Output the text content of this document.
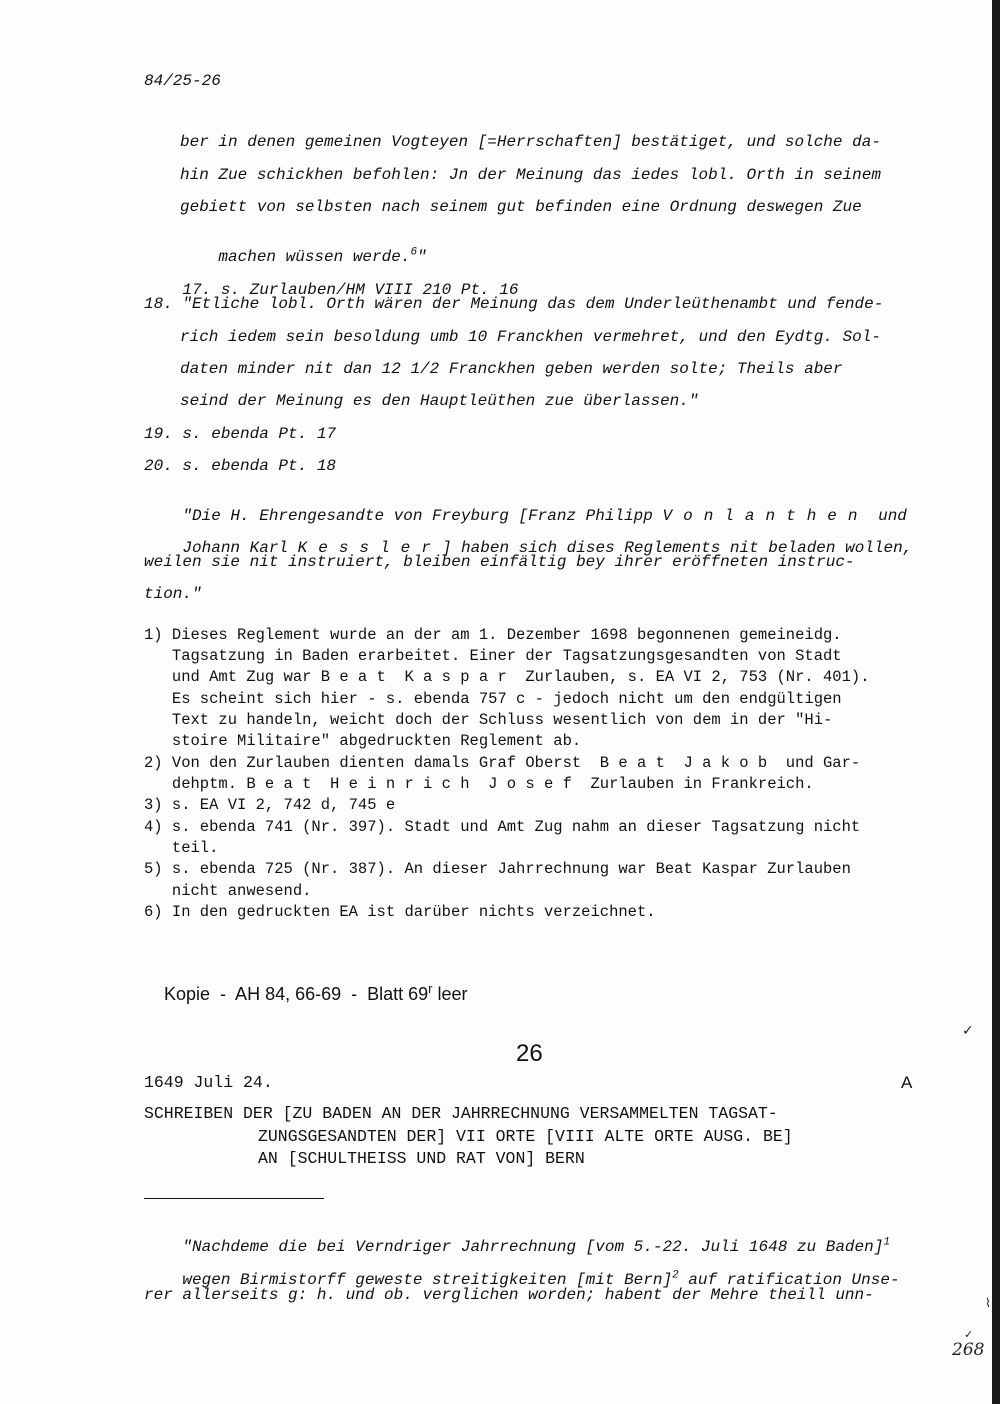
84/25-26
ber in denen gemeinen Vogteyen [=Herrschaften] bestätiget, und solche da-
hin Zue schickhen befohlen: Jn der Meinung das iedes lobl. Orth in seinem
gebiett von selbsten nach seinem gut befinden eine Ordnung deswegen Zue

machen wüssen werde.$^6$"

17. s. Zurlauben/HM VIII 210 Pt. 16

18. "Etliche lobl. Orth wären der Meinung das dem Underleüthenambt und fende-
rich iedem sein besoldung umb 10 Franckhen vermehret, und den Eydtg. Sol-
daten minder nit dan 12 1/2 Franckhen geben werden solte; Theils aber
seind der Meinung es den Hauptleüthen zue überlassen."
19. s. ebenda Pt. 17
20. s. ebenda Pt. 18

"Die H. Ehrengesandte von Freyburg [Franz Philipp Vonlanthen und

Johann Karl Kessler] haben sich dises Reglements nit beladen wollen,

weilen sie nit instruiert, bleiben einfältig bey ihrer eröffneten instruc-
tion."
1) Dieses Reglement wurde an der am 1. Dezember 1698 begonnenen gemeineidg.
Tagsatzung in Baden erarbeitet. Einer der Tagsatzungsgesandten von Stadt
und Amt Zug war B e a t  K a s p a r  Zurlauben, s. EA VI 2, 753 (Nr. 401).
Es scheint sich hier - s. ebenda 757 c - jedoch nicht um den endgültigen
Text zu handeln, weicht doch der Schluss wesentlich von dem in der "Hi-
stoire Militaire" abgedruckten Reglement ab.
2) Von den Zurlauben dienten damals Graf Oberst  B e a t  J a k o b  und Gar-
dehptm. B e a t  H e i n r i c h  J o s e f  Zurlauben in Frankreich.
3) s. EA VI 2, 742 d, 745 e
4) s. ebenda 741 (Nr. 397). Stadt und Amt Zug nahm an dieser Tagsatzung nicht
teil.
5) s. ebenda 725 (Nr. 387). An dieser Jahrrechnung war Beat Kaspar Zurlauben
nicht anwesend.
6) In den gedruckten EA ist darüber nichts verzeichnet.

Kopie  -  AH 84, 66-69  -  Blatt 69$^r$ leer

26
1649 Juli 24.	A
SCHREIBEN DER [ZU BADEN AN DER JAHRRECHNUNG VERSAMMELTEN TAGSAT-
ZUNGSGESANDTEN DER] VII ORTE [VIII ALTE ORTE AUSG. BE]
AN [SCHULTHEISS UND RAT VON] BERN

"Nachdeme die bei Verndriger Jahrrechnung [vom 5.-22. Juli 1648 zu Baden]$^1$

wegen Birmistorff geweste streitigkeiten [mit Bern]$^2$ auf ratification Unse-

rer allerseits g: h. und ob. verglichen worden; habent der Mehre theill unn-
✓
⌇
✓
268
